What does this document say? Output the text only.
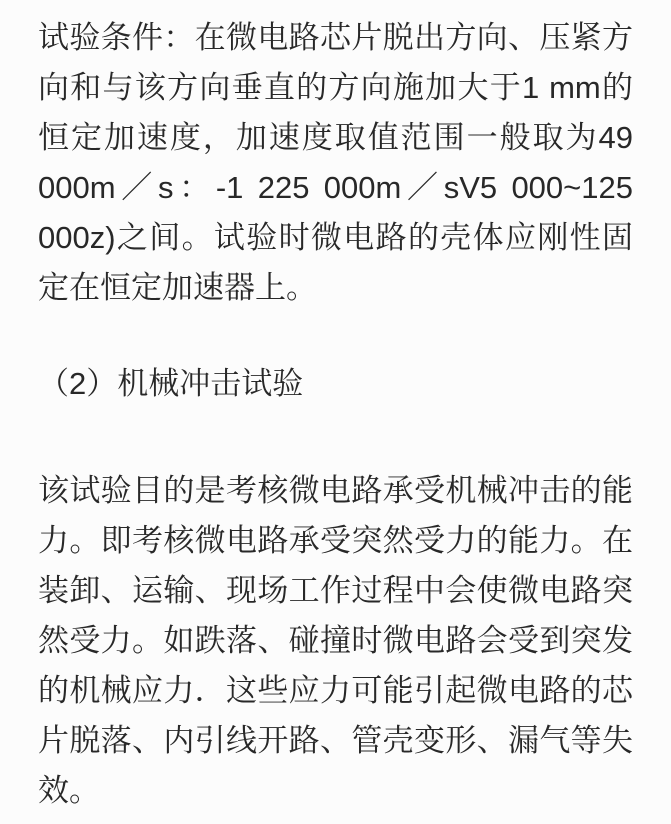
试验条件：在微电路芯片脱出方向、压紧方
向和与该方向垂直的方向施加大于1 mm的
恒定加速度，加速度取值范围一般取为49
000m／s：-1 225 000m／sV5 000~125
000z)之间。试验时微电路的壳体应刚性固
定在恒定加速器上。
（2）机械冲击试验
该试验目的是考核微电路承受机械冲击的能
力。即考核微电路承受突然受力的能力。在
装卸、运输、现场工作过程中会使微电路突
然受力。如跌落、碰撞时微电路会受到突发
的机械应力．这些应力可能引起微电路的芯
片脱落、内引线开路、管壳变形、漏气等失
效。
